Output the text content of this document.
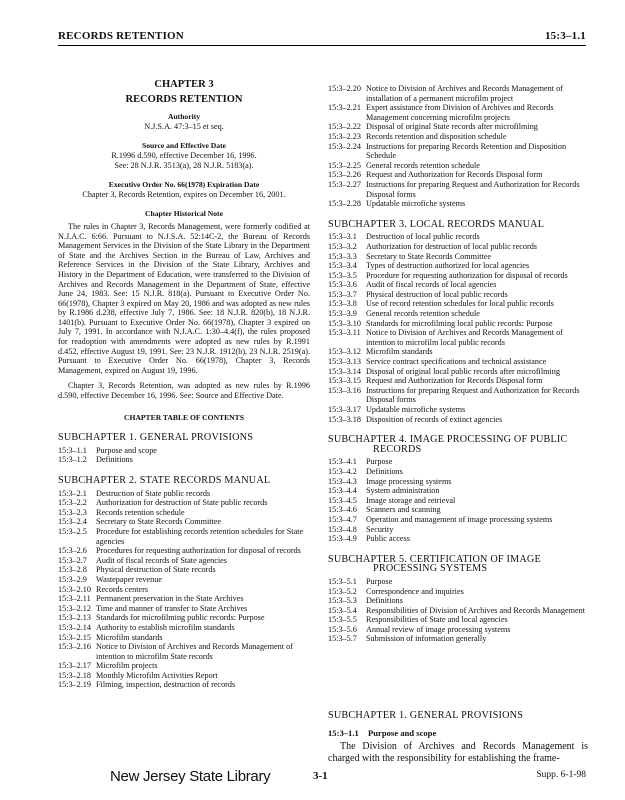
RECORDS RETENTION	15:3–1.1
CHAPTER 3
RECORDS RETENTION
Authority
N.J.S.A. 47:3–15 et seq.
Source and Effective Date
R.1996 d.590, effective December 16, 1996.
See: 28 N.J.R. 3513(a), 28 N.J.R. 5183(a).
Executive Order No. 66(1978) Expiration Date
Chapter 3, Records Retention, expires on December 16, 2001.
Chapter Historical Note

The rules in Chapter 3, Records Management, were formerly codified at N.J.A.C. 6:66. Pursuant to N.J.S.A. 52:14C-2, the Bureau of Records Management Services in the Division of the State Library in the Department of State and the Archives Section in the Bureau of Law, Archives and Reference Services in the Division of the State Library, Archives and History in the Department of Education, were transferred to the Division of Archives and Records Management in the Department of State, effective June 24, 1983. See: 15 N.J.R. 818(a). Pursuant to Executive Order No. 66(1978), Chapter 3 expired on May 20, 1986 and was adopted as new rules by R.1986 d.238, effective July 7, 1986. See: 18 N.J.R. 820(b), 18 N.J.R. 1401(b). Pursuant to Executive Order No. 66(1978), Chapter 3 expired on July 7, 1991. In accordance with N.J.A.C. 1:30–4.4(f), the rules proposed for readoption with amendments were adopted as new rules by R.1991 d.452, effective August 19, 1991. See: 23 N.J.R. 1912(b), 23 N.J.R. 2519(a). Pursuant to Executive Order No. 66(1978), Chapter 3, Records Management, expired on August 19, 1996.

Chapter 3, Records Retention, was adopted as new rules by R.1996 d.590, effective December 16, 1996. See: Source and Effective Date.

CHAPTER TABLE OF CONTENTS
SUBCHAPTER 1. GENERAL PROVISIONS
15:3–1.1	Purpose and scope
15:3–1.2	Definitions
SUBCHAPTER 2. STATE RECORDS MANUAL
15:3–2.1	Destruction of State public records
15:3–2.2	Authorization for destruction of State public records
15:3–2.3	Records retention schedule
15:3–2.4	Secretary to State Records Committee
15:3–2.5	Procedure for establishing records retention schedules for State agencies
15:3–2.6	Procedures for requesting authorization for disposal of records
15:3–2.7	Audit of fiscal records of State agencies
15:3–2.8	Physical destruction of State records
15:3–2.9	Wastepaper revenue
15:3–2.10 Records centers
15:3–2.11 Permanent preservation in the State Archives
15:3–2.12 Time and manner of transfer to State Archives
15:3–2.13 Standards for microfilming public records: Purpose
15:3–2.14 Authority to establish microfilm standards
15:3–2.15 Microfilm standards
15:3–2.16 Notice to Division of Archives and Records Management of intention to microfilm State records
15:3–2.17 Microfilm projects
15:3–2.18 Monthly Microfilm Activities Report
15:3–2.19 Filming, inspection, destruction of records
15:3–2.20 Notice to Division of Archives and Records Management of installation of a permanent microfilm project
15:3–2.21 Expert assistance from Division of Archives and Records Management concerning microfilm projects
15:3–2.22 Disposal of original State records after microfilming
15:3–2.23 Records retention and disposition schedule
15:3–2.24 Instructions for preparing Records Retention and Disposition Schedule
15:3–2.25 General records retention schedule
15:3–2.26 Request and Authorization for Records Disposal form
15:3–2.27 Instructions for preparing Request and Authorization for Records Disposal forms
15:3–2.28 Updatable microfiche systems
SUBCHAPTER 3. LOCAL RECORDS MANUAL
15:3–3.1	Destruction of local public records
15:3–3.2	Authorization for destruction of local public records
15:3–3.3	Secretary to State Records Committee
15:3–3.4	Types of destruction authorized for local agencies
15:3–3.5	Procedure for requesting authorization for disposal of records
15:3–3.6	Audit of fiscal records of local agencies
15:3–3.7	Physical destruction of local public records
15:3–3.8	Use of record retention schedules for local public records
15:3–3.9	General records retention schedule
15:3–3.10 Standards for microfilming local public records: Purpose
15:3–3.11 Notice to Division of Archives and Records Management of intention to microfilm local public records
15:3–3.12 Microfilm standards
15:3–3.13 Service contract specifications and technical assistance
15:3–3.14 Disposal of original local public records after microfilming
15:3–3.15 Request and Authorization for Records Disposal form
15:3–3.16 Instructions for preparing Request and Authorization for Records Disposal forms
15:3–3.17 Updatable microfiche systems
15:3–3.18 Disposition of records of extinct agencies
SUBCHAPTER 4. IMAGE PROCESSING OF PUBLIC
RECORDS
15:3–4.1	Purpose
15:3–4.2	Definitions
15:3–4.3	Image processing systems
15:3–4.4	System administration
15:3–4.5	Image storage and retrieval
15:3–4.6	Scanners and scanning
15:3–4.7	Operation and management of image processing systems
15:3–4.8	Security
15:3–4.9	Public access
SUBCHAPTER 5. CERTIFICATION OF IMAGE
PROCESSING SYSTEMS
15:3–5.1	Purpose
15:3–5.2	Correspondence and inquiries
15:3–5.3	Definitions
15:3–5.4	Responsibilities of Division of Archives and Records Management
15:3–5.5	Responsibilities of State and local agencies
15:3–5.6	Annual review of image processing systems
15:3–5.7	Submission of information generally
SUBCHAPTER 1. GENERAL PROVISIONS
15:3–1.1	Purpose and scope
The Division of Archives and Records Management is charged with the responsibility for establishing the frame-
New Jersey State Library	3-1	Supp. 6-1-98
